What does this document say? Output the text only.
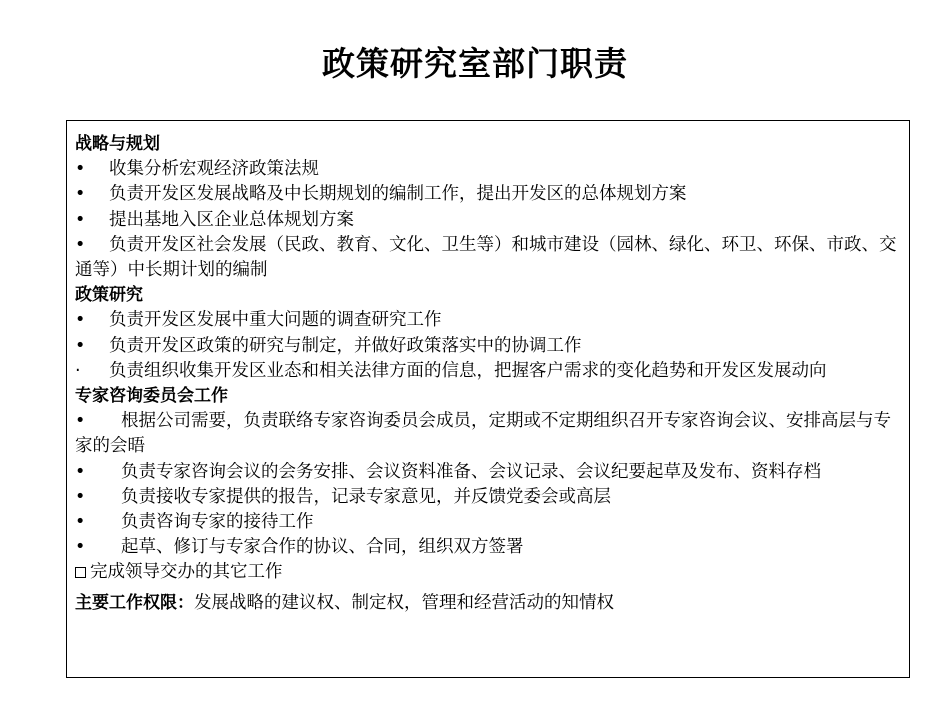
政策研究室部门职责
战略与规划
• 收集分析宏观经济政策法规
• 负责开发区发展战略及中长期规划的编制工作，提出开发区的总体规划方案
• 提出基地入区企业总体规划方案
• 负责开发区社会发展（民政、教育、文化、卫生等）和城市建设（园林、绿化、环卫、环保、市政、交通等）中长期计划的编制
政策研究
• 负责开发区发展中重大问题的调查研究工作
• 负责开发区政策的研究与制定，并做好政策落实中的协调工作
· 负责组织收集开发区业态和相关法律方面的信息，把握客户需求的变化趋势和开发区发展动向
专家咨询委员会工作
• 根据公司需要，负责联络专家咨询委员会成员，定期或不定期组织召开专家咨询会议、安排高层与专家的会晤
• 负责专家咨询会议的会务安排、会议资料准备、会议记录、会议纪要起草及发布、资料存档
• 负责接收专家提供的报告，记录专家意见，并反馈党委会或高层
• 负责咨询专家的接待工作
• 起草、修订与专家合作的协议、合同，组织双方签署
完成领导交办的其它工作
主要工作权限：发展战略的建议权、制定权，管理和经营活动的知情权
